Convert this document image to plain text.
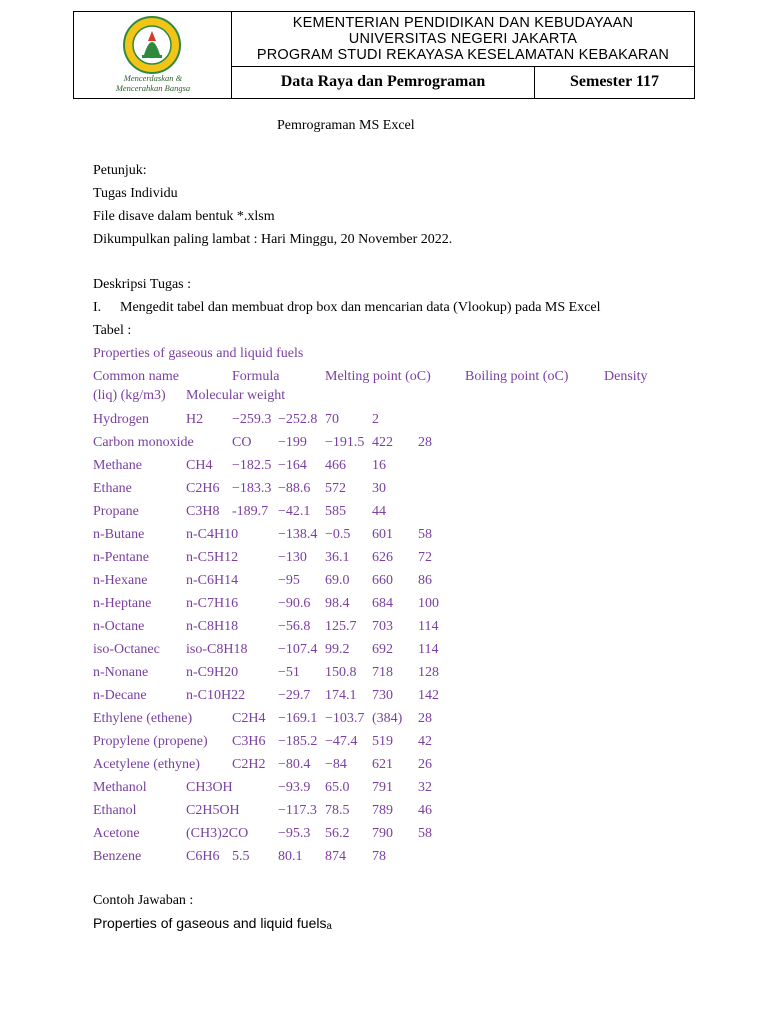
Mencerdaskan &
Mencerahkan Bangsa
KEMENTERIAN PENDIDIKAN DAN KEBUDAYAAN
UNIVERSITAS NEGERI JAKARTA
PROGRAM STUDI REKAYASA KESELAMATAN KEBAKARAN
Data Raya dan Pemrograman	Semester 117
Pemrograman MS Excel
Petunjuk:
Tugas Individu
File disave dalam bentuk *.xlsm
Dikumpulkan paling lambat : Hari Minggu, 20 November 2022.
Deskripsi Tugas :
I. Mengedit tabel dan membuat drop box dan mencarian data (Vlookup) pada MS Excel
Tabel :
Properties of gaseous and liquid fuels
Common name	Formula	Melting point (oC) Boiling point (oC)	Density
(liq) (kg/m3) Molecular weight
Hydrogen	H2 −259.3 −252.8 70 2
Carbon monoxide	CO −199 −191.5 422 28
Methane	CH4 −182.5 −164 466 16
Ethane	C2H6 −183.3 −88.6 572 30
Propane	C3H8 -189.7 −42.1 585 44
n-Butane	n-C4H10	−138.4 −0.5 601 58
n-Pentane	n-C5H12	−130 36.1 626 72
n-Hexane	n-C6H14	−95 69.0 660 86
n-Heptane n-C7H16	−90.6 98.4 684 100
n-Octane	n-C8H18	−56.8 125.7 703 114
iso-Octanec iso-C8H18 −107.4 99.2 692 114
n-Nonane	n-C9H20	−51 150.8 718 128
n-Decane	n-C10H22 −29.7 174.1 730 142
Ethylene (ethene)	C2H4 −169.1 −103.7 (384) 28
Propylene (propene) C3H6 −185.2 −47.4 519 42
Acetylene (ethyne) C2H2 −80.4 −84 621 26
Methanol	CH3OH	−93.9 65.0 791 32
Ethanol	C2H5OH	−117.3 78.5 789 46
Acetone	(CH3)2CO −95.3 56.2 790 58
Benzene	C6H6 5.5 80.1 874 78
Contoh Jawaban :
Properties of gaseous and liquid fuelsₐ
